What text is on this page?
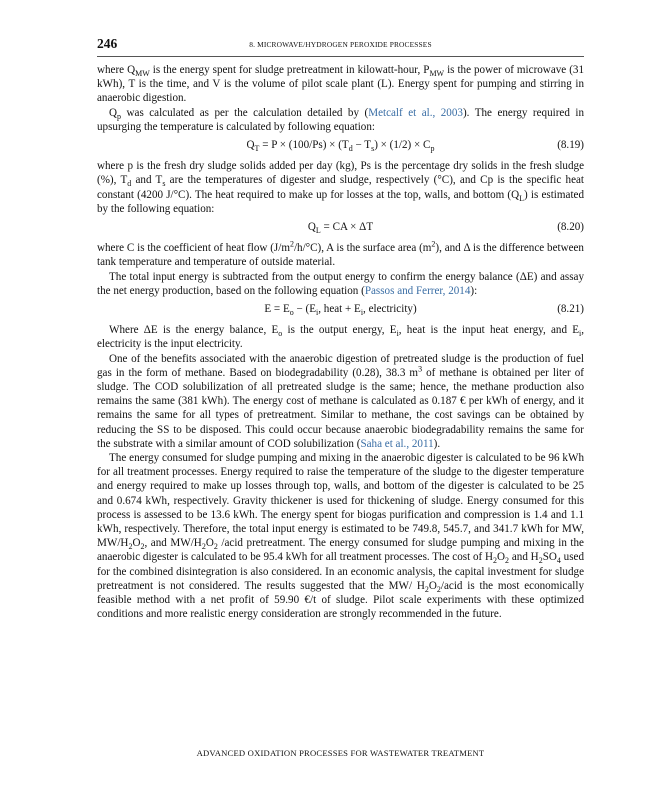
246	8. MICROWAVE/HYDROGEN PEROXIDE PROCESSES

where $Q_{MW}$ is the energy spent for sludge pretreatment in kilowatt-hour, $P_{MW}$ is the power of microwave (31 kWh), T is the time, and V is the volume of pilot scale plant (L). Energy spent for pumping and stirring in anaerobic digestion.

$Q_p$ was calculated as per the calculation detailed by (Metcalf et al., 2003). The energy required in upsurging the temperature is calculated by following equation:

$Q_T = P \times (100/Ps) \times (T_d - T_s) \times (1/2) \times C_p$	(8.19)

where p is the fresh dry sludge solids added per day (kg), Ps is the percentage dry solids in the fresh sludge (%), $T_d$ and $T_s$ are the temperatures of digester and sludge, respectively (°C), and Cp is the specific heat constant (4200 J/°C). The heat required to make up for losses at the top, walls, and bottom $(Q_L)$ is estimated by the following equation:

$Q_L$ = CA × ΔT	(8.20)

where C is the coefficient of heat flow $(J/m^2/h/^\circ C)$, A is the surface area $(m^2)$, and Δ is the difference between tank temperature and temperature of outside material.

The total input energy is subtracted from the output energy to confirm the energy balance (ΔE) and assay the net energy production, based on the following equation (Passos and Ferrer, 2014):

$E = E_o - (E_i$, heat + $E_i$, electricity)	(8.21)

Where ΔE is the energy balance, $E_o$ is the output energy, $E_i$, heat is the input heat energy, and $E_i$, electricity is the input electricity.

One of the benefits associated with the anaerobic digestion of pretreated sludge is the production of fuel gas in the form of methane. Based on biodegradability (0.28), 38.3 $m^3$ of methane is obtained per liter of sludge. The COD solubilization of all pretreated sludge is the same; hence, the methane production also remains the same (381 kWh). The energy cost of methane is calculated as 0.187 € per kWh of energy, and it remains the same for all types of pretreatment. Similar to methane, the cost savings can be obtained by reducing the SS to be disposed. This could occur because anaerobic biodegradability remains the same for the substrate with a similar amount of COD solubilization (Saha et al., 2011).

The energy consumed for sludge pumping and mixing in the anaerobic digester is calculated to be 96 kWh for all treatment processes. Energy required to raise the temperature of the sludge to the digester temperature and energy required to make up losses through top, walls, and bottom of the digester is calculated to be 25 and 0.674 kWh, respectively. Gravity thickener is used for thickening of sludge. Energy consumed for this process is assessed to be 13.6 kWh. The energy spent for biogas purification and compression is 1.4 and 1.1 kWh, respectively. Therefore, the total input energy is estimated to be 749.8, 545.7, and 341.7 kWh for MW, $MW/H_2O_2$, and $MW/H_2O_2$ /acid pretreatment. The energy consumed for sludge pumping and mixing in the anaerobic digester is calculated to be 95.4 kWh for all treatment processes. The cost of $H_2O_2$ and $H_2SO_4$ used for the combined disintegration is also considered. In an economic analysis, the capital investment for sludge pretreatment is not considered. The results suggested that the MW/ $H_2O_2$/acid is the most economically feasible method with a net profit of 59.90 €/t of sludge. Pilot scale experiments with these optimized conditions and more realistic energy consideration are strongly recommended in the future.

ADVANCED OXIDATION PROCESSES FOR WASTEWATER TREATMENT
